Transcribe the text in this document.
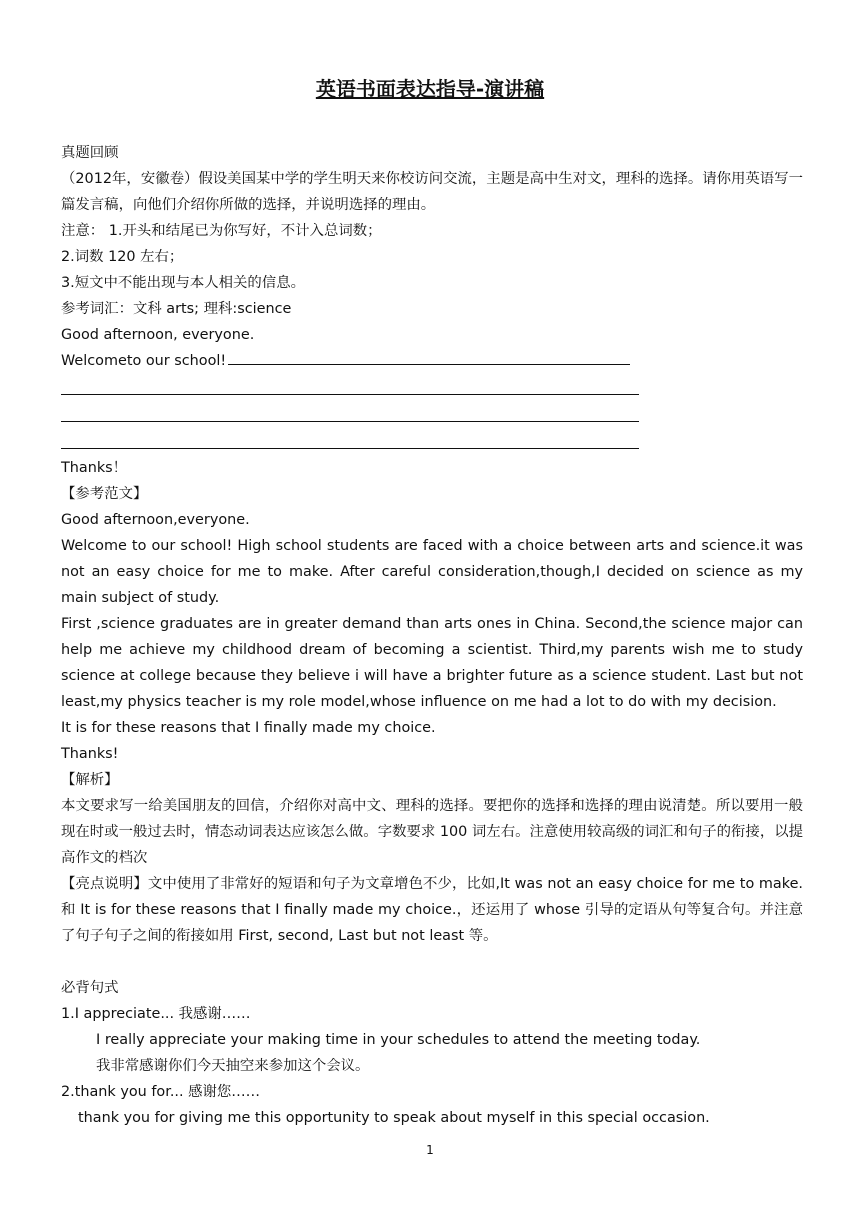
英语书面表达指导-演讲稿

真题回顾

（2012年，安徽卷）假设美国某中学的学生明天来你校访问交流，主题是高中生对文，理科的选择。请你用英语写一篇发言稿，向他们介绍你所做的选择，并说明选择的理由。

注意： 1.开头和结尾已为你写好，不计入总词数；

2.词数 120 左右；

3.短文中不能出现与本人相关的信息。

参考词汇：文科 arts; 理科:science

Good afternoon, everyone.

Welcometo our school!

Thanks！

【参考范文】

Good afternoon,everyone.

Welcome to our school! High school students are faced with a choice between arts and science.it was not an easy choice for me to make. After careful consideration,though,I decided on science as my main subject of study.

First ,science graduates are in greater demand than arts ones in China. Second,the science major can help me achieve my childhood dream of becoming a scientist. Third,my parents wish me to study science at college because they believe i will have a brighter future as a science student. Last but not least,my physics teacher is my role model,whose influence on me had a lot to do with my decision.

It is for these reasons that I finally made my choice.

Thanks!

【解析】

本文要求写一给美国朋友的回信，介绍你对高中文、理科的选择。要把你的选择和选择的理由说清楚。所以要用一般现在时或一般过去时，情态动词表达应该怎么做。字数要求 100 词左右。注意使用较高级的词汇和句子的衔接，以提高作文的档次

【亮点说明】文中使用了非常好的短语和句子为文章增色不少，比如,It was not an easy choice for me to make.和 It is for these reasons that I finally made my choice.，还运用了 whose 引导的定语从句等复合句。并注意了句子句子之间的衔接如用 First, second, Last but not least 等。

必背句式

1.I appreciate... 我感谢……

I really appreciate your making time in your schedules to attend the meeting today.

我非常感谢你们今天抽空来参加这个会议。

2.thank you for... 感谢您……

thank you for giving me this opportunity to speak about myself in this special occasion.

1
